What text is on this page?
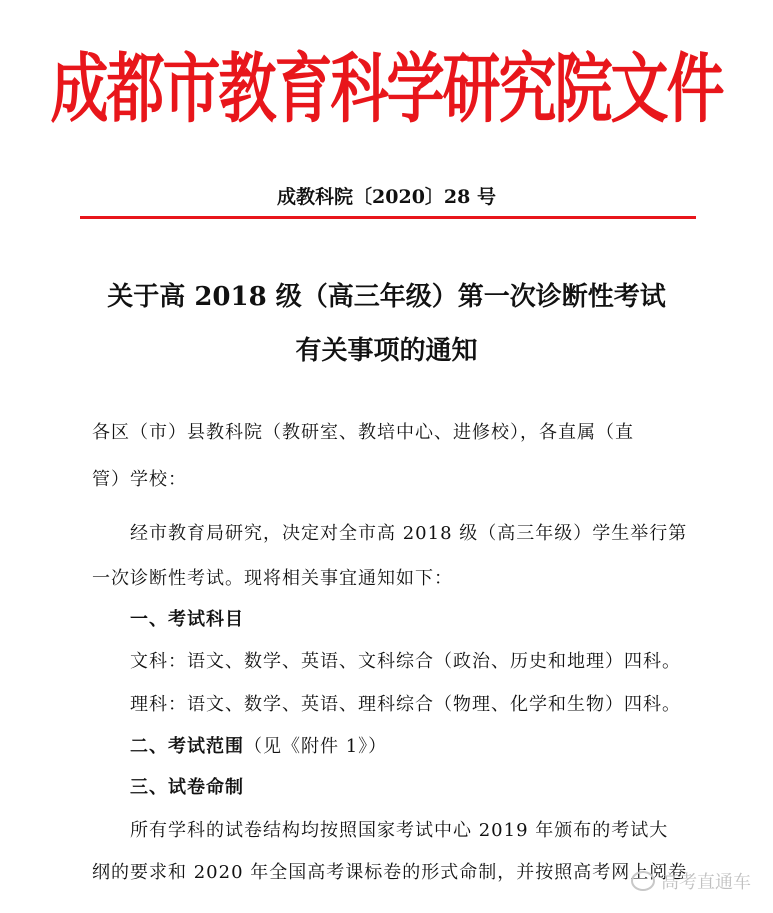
成都市教育科学研究院文件
成教科院〔2020〕28 号
关于高 2018 级（高三年级）第一次诊断性考试
有关事项的通知
各区（市）县教科院（教研室、教培中心、进修校），各直属（直
管）学校：
经市教育局研究，决定对全市高 2018 级（高三年级）学生举行第
一次诊断性考试。现将相关事宜通知如下：
一、考试科目
文科：语文、数学、英语、文科综合（政治、历史和地理）四科。
理科：语文、数学、英语、理科综合（物理、化学和生物）四科。
二、考试范围（见《附件 1》）
三、试卷命制
所有学科的试卷结构均按照国家考试中心 2019 年颁布的考试大
纲的要求和 2020 年全国高考课标卷的形式命制，并按照高考网上阅卷
高考直通车
